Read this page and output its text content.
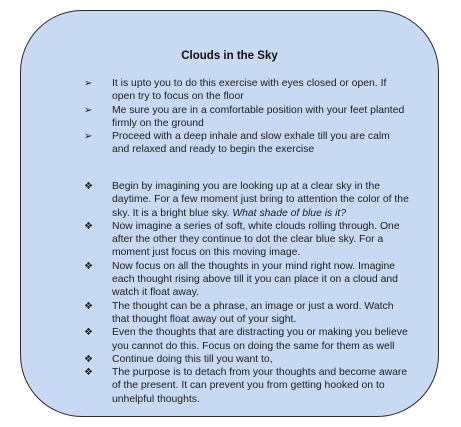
Clouds in the Sky
➢	It is upto you to do this exercise with eyes closed or open. If open try to focus on the floor
➢	Me sure you are in a comfortable position with your feet planted firmly on the ground
➢	Proceed with a deep inhale and slow exhale till you are calm and relaxed and ready to begin the exercise
❖	Begin by imagining you are looking up at a clear sky in the daytime. For a few moment just bring to attention the color of the sky. It is a bright blue sky. What shade of blue is it?
❖	Now imagine a series of soft, white clouds rolling through. One after the other they continue to dot the clear blue sky. For a moment just focus on this moving image.
❖	Now focus on all the thoughts in your mind right now. Imagine each thought rising above till it you can place it on a cloud and watch it float away.
❖	The thought can be a phrase, an image or just a word. Watch that thought float away out of your sight.
❖	Even the thoughts that are distracting you or making you believe you cannot do this. Focus on doing the same for them as well
❖	Continue doing this till you want to,
❖	The purpose is to detach from your thoughts and become aware of the present. It can prevent you from getting hooked on to unhelpful thoughts.
